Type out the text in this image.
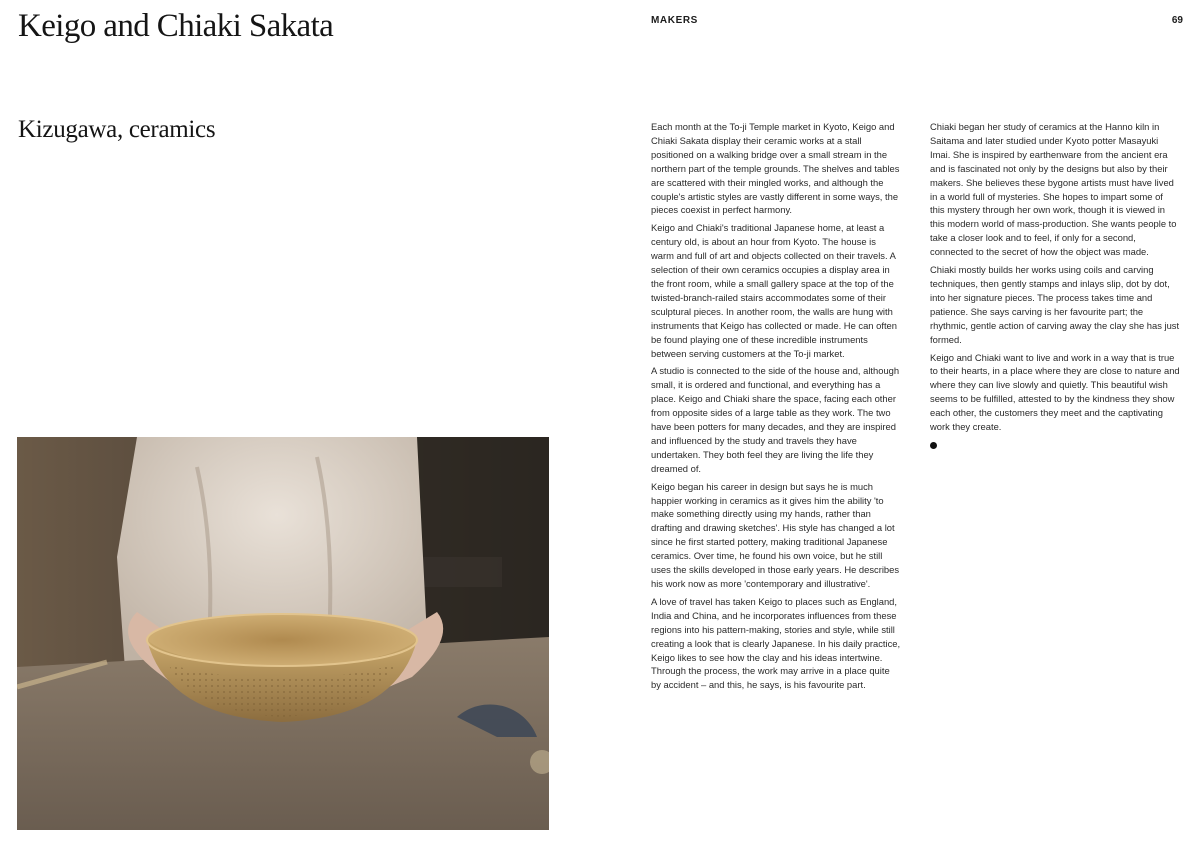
Keigo and Chiaki Sakata
Kizugawa, ceramics
MAKERS	69

Each month at the To-ji Temple market in Kyoto, Keigo and Chiaki Sakata display their ceramic works at a stall positioned on a walking bridge over a small stream in the northern part of the temple grounds. The shelves and tables are scattered with their mingled works, and although the couple's artistic styles are vastly different in some ways, the pieces coexist in perfect harmony.

Keigo and Chiaki's traditional Japanese home, at least a century old, is about an hour from Kyoto. The house is warm and full of art and objects collected on their travels. A selection of their own ceramics occupies a display area in the front room, while a small gallery space at the top of the twisted-branch-railed stairs accommodates some of their sculptural pieces. In another room, the walls are hung with instruments that Keigo has collected or made. He can often be found playing one of these incredible instruments between serving customers at the To-ji market.

A studio is connected to the side of the house and, although small, it is ordered and functional, and everything has a place. Keigo and Chiaki share the space, facing each other from opposite sides of a large table as they work. The two have been potters for many decades, and they are inspired and influenced by the study and travels they have undertaken. They both feel they are living the life they dreamed of.

Keigo began his career in design but says he is much happier working in ceramics as it gives him the ability 'to make something directly using my hands, rather than drafting and drawing sketches'. His style has changed a lot since he first started pottery, making traditional Japanese ceramics. Over time, he found his own voice, but he still uses the skills developed in those early years. He describes his work now as more 'contemporary and illustrative'.

A love of travel has taken Keigo to places such as England, India and China, and he incorporates influences from these regions into his pattern-making, stories and style, while still creating a look that is clearly Japanese. In his daily practice, Keigo likes to see how the clay and his ideas intertwine. Through the process, the work may arrive in a place quite by accident – and this, he says, is his favourite part.

Chiaki began her study of ceramics at the Hanno kiln in Saitama and later studied under Kyoto potter Masayuki Imai. She is inspired by earthenware from the ancient era and is fascinated not only by the designs but also by their makers. She believes these bygone artists must have lived in a world full of mysteries. She hopes to impart some of this mystery through her own work, though it is viewed in this modern world of mass-production. She wants people to take a closer look and to feel, if only for a second, connected to the secret of how the object was made.

Chiaki mostly builds her works using coils and carving techniques, then gently stamps and inlays slip, dot by dot, into her signature pieces. The process takes time and patience. She says carving is her favourite part; the rhythmic, gentle action of carving away the clay she has just formed.

Keigo and Chiaki want to live and work in a way that is true to their hearts, in a place where they are close to nature and where they can live slowly and quietly. This beautiful wish seems to be fulfilled, attested to by the kindness they show each other, the customers they meet and the captivating work they create.
